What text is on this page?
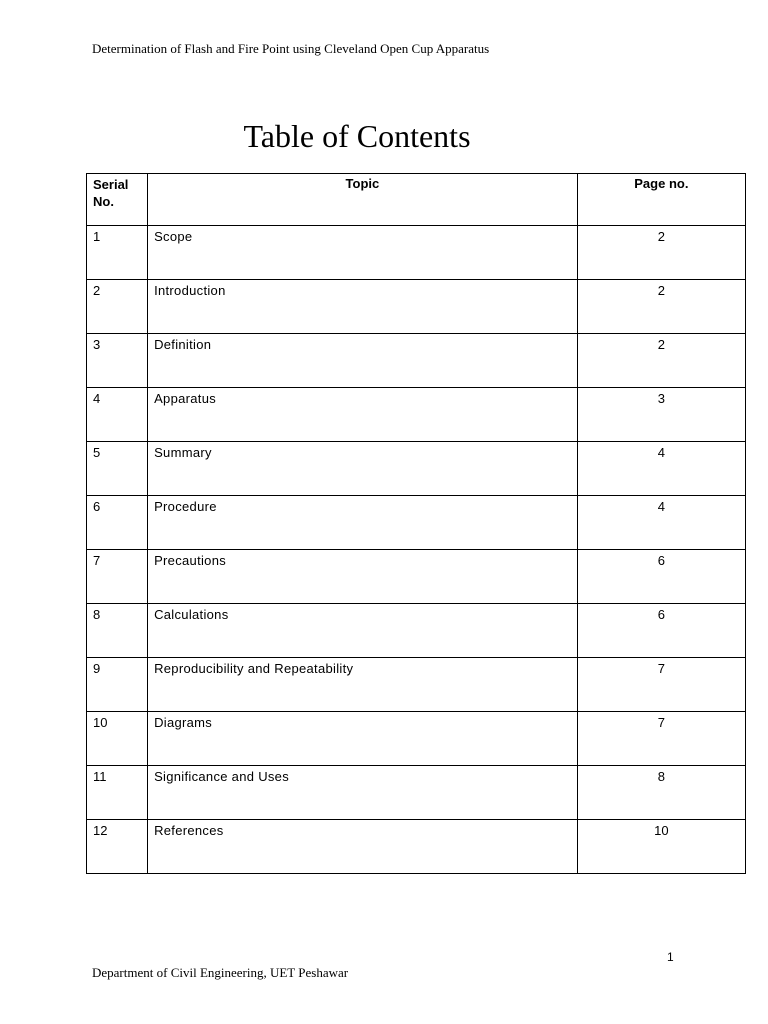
Determination of Flash and Fire Point using Cleveland Open Cup Apparatus
Table of Contents
Serial No.	Topic	Page no.
1	Scope	2
2	Introduction	2
3	Definition	2
4	Apparatus	3
5	Summary	4
6	Procedure	4
7	Precautions	6
8	Calculations	6
9	Reproducibility and Repeatability	7
10	Diagrams	7
11	Significance and Uses	8
12	References	10
1
Department of Civil Engineering, UET Peshawar
